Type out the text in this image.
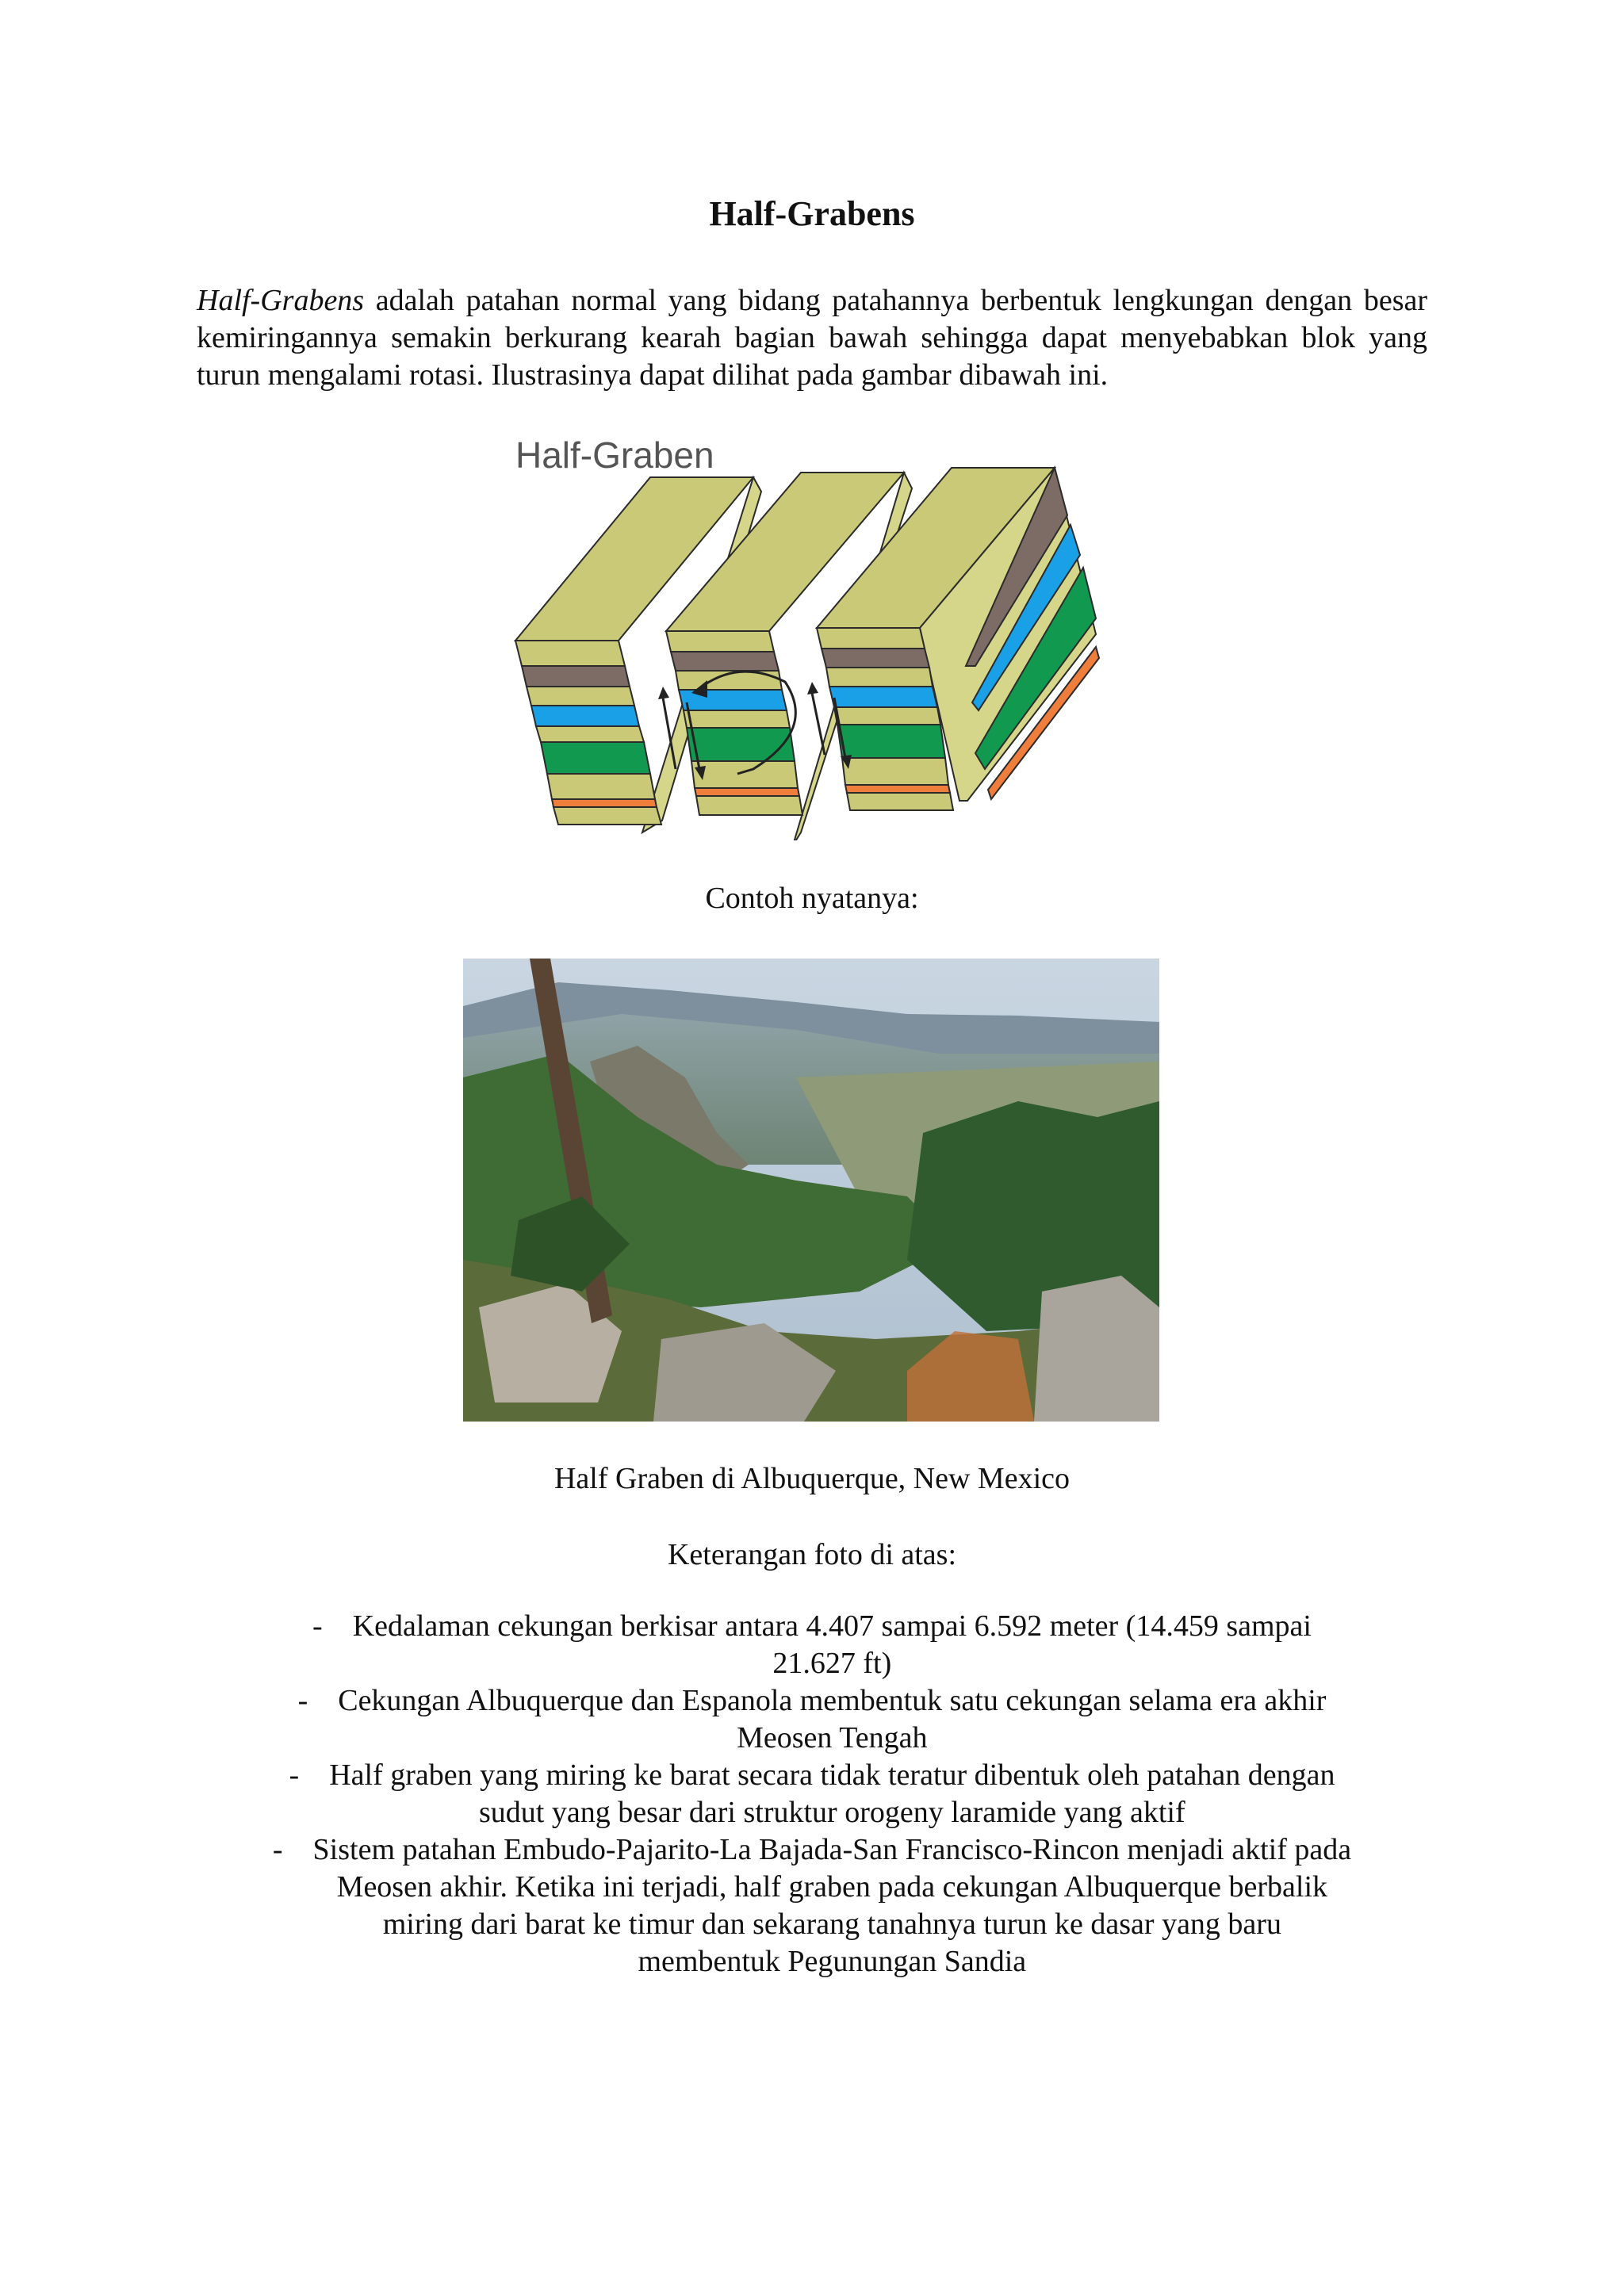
Half-Grabens

Half-Grabens adalah patahan normal yang bidang patahannya berbentuk lengkungan dengan besar kemiringannya semakin berkurang kearah bagian bawah sehingga dapat menyebabkan blok yang turun mengalami rotasi. Ilustrasinya dapat dilihat pada gambar dibawah ini.

Half-Graben
Contoh nyatanya:
Half Graben di Albuquerque, New Mexico
Keterangan foto di atas:
- Kedalaman cekungan berkisar antara 4.407 sampai 6.592 meter (14.459 sampai
21.627 ft)
- Cekungan Albuquerque dan Espanola membentuk satu cekungan selama era akhir
Meosen Tengah
- Half graben yang miring ke barat secara tidak teratur dibentuk oleh patahan dengan
sudut yang besar dari struktur orogeny laramide yang aktif
- Sistem patahan Embudo-Pajarito-La Bajada-San Francisco-Rincon menjadi aktif pada
Meosen akhir. Ketika ini terjadi, half graben pada cekungan Albuquerque berbalik
miring dari barat ke timur dan sekarang tanahnya turun ke dasar yang baru
membentuk Pegunungan Sandia
